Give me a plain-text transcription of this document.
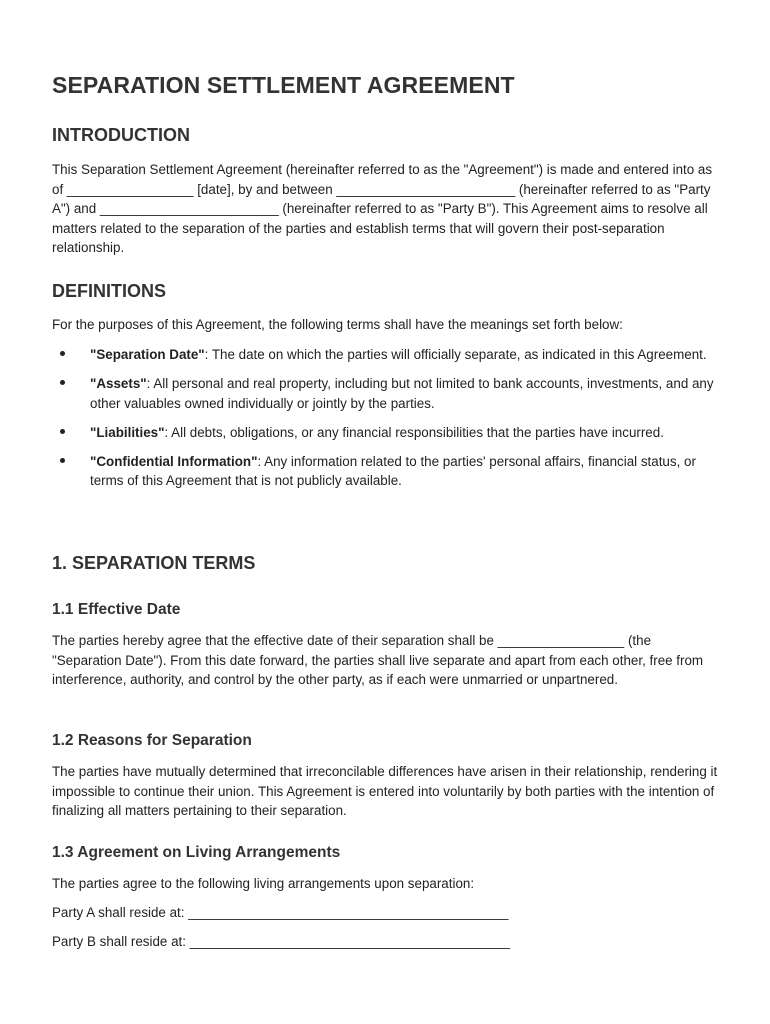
SEPARATION SETTLEMENT AGREEMENT
INTRODUCTION
This Separation Settlement Agreement (hereinafter referred to as the "Agreement") is made and entered into as of _________________ [date], by and between ________________________ (hereinafter referred to as "Party A") and ________________________ (hereinafter referred to as "Party B"). This Agreement aims to resolve all matters related to the separation of the parties and establish terms that will govern their post-separation relationship.
DEFINITIONS
For the purposes of this Agreement, the following terms shall have the meanings set forth below:
"Separation Date": The date on which the parties will officially separate, as indicated in this Agreement.
"Assets": All personal and real property, including but not limited to bank accounts, investments, and any other valuables owned individually or jointly by the parties.
"Liabilities": All debts, obligations, or any financial responsibilities that the parties have incurred.
"Confidential Information": Any information related to the parties' personal affairs, financial status, or terms of this Agreement that is not publicly available.
1. SEPARATION TERMS
1.1 Effective Date
The parties hereby agree that the effective date of their separation shall be _________________ (the "Separation Date"). From this date forward, the parties shall live separate and apart from each other, free from interference, authority, and control by the other party, as if each were unmarried or unpartnered.
1.2 Reasons for Separation
The parties have mutually determined that irreconcilable differences have arisen in their relationship, rendering it impossible to continue their union. This Agreement is entered into voluntarily by both parties with the intention of finalizing all matters pertaining to their separation.
1.3 Agreement on Living Arrangements
The parties agree to the following living arrangements upon separation:
Party A shall reside at: ___________________________________________
Party B shall reside at: ___________________________________________
